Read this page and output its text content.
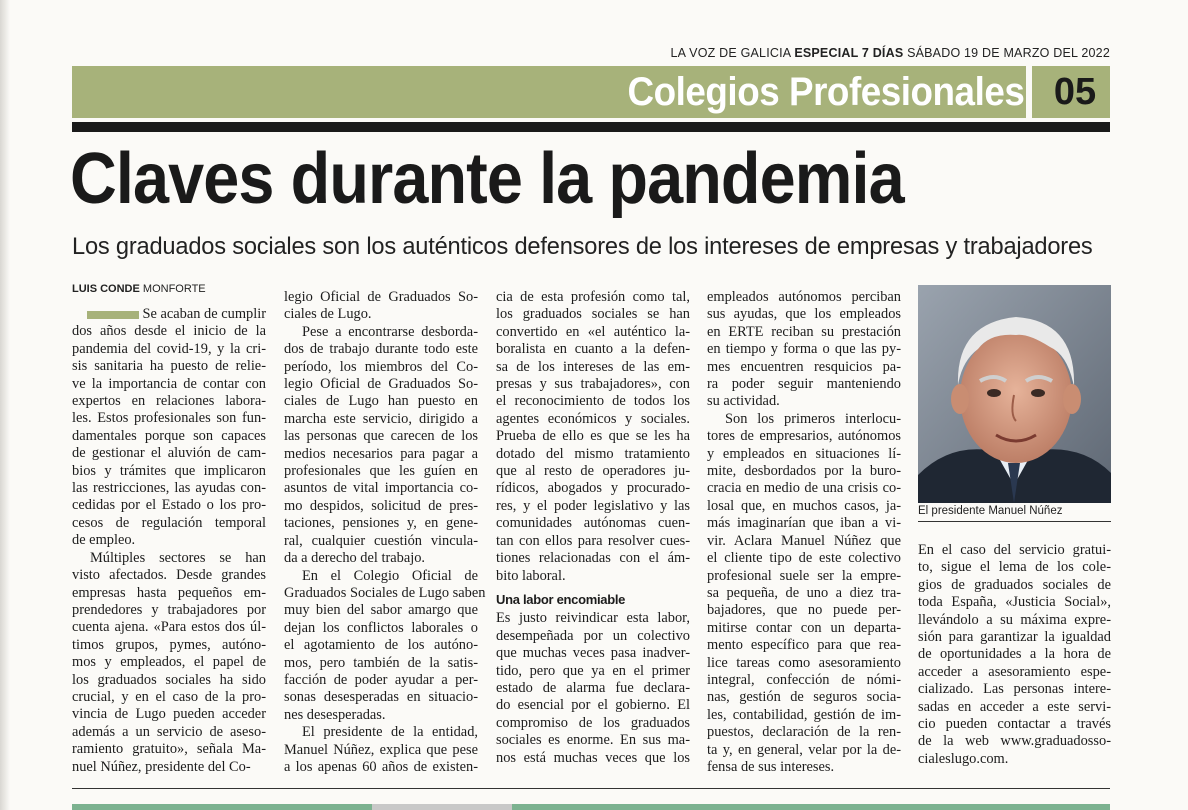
LA VOZ DE GALICIA ESPECIAL 7 DÍAS SÁBADO 19 DE MARZO DEL 2022
Colegios Profesionales 05
Claves durante la pandemia
Los graduados sociales son los auténticos defensores de los intereses de empresas y trabajadores
LUIS CONDE MONFORTE
Se acaban de cumplir
dos años desde el inicio de la
pandemia del covid-19, y la cri-
sis sanitaria ha puesto de relie-
ve la importancia de contar con
expertos en relaciones labora-
les. Estos profesionales son fun-
damentales porque son capaces
de gestionar el aluvión de cam-
bios y trámites que implicaron
las restricciones, las ayudas con-
cedidas por el Estado o los pro-
cesos de regulación temporal
de empleo.
Múltiples sectores se han
visto afectados. Desde grandes
empresas hasta pequeños em-
prendedores y trabajadores por
cuenta ajena. «Para estos dos úl-
timos grupos, pymes, autóno-
mos y empleados, el papel de
los graduados sociales ha sido
crucial, y en el caso de la pro-
vincia de Lugo pueden acceder
además a un servicio de aseso-
ramiento gratuito», señala Ma-
nuel Núñez, presidente del Co-
legio Oficial de Graduados So-
ciales de Lugo.
Pese a encontrarse desborda-
dos de trabajo durante todo este
período, los miembros del Co-
legio Oficial de Graduados So-
ciales de Lugo han puesto en
marcha este servicio, dirigido a
las personas que carecen de los
medios necesarios para pagar a
profesionales que les guíen en
asuntos de vital importancia co-
mo despidos, solicitud de pres-
taciones, pensiones y, en gene-
ral, cualquier cuestión vincula-
da a derecho del trabajo.
En el Colegio Oficial de
Graduados Sociales de Lugo saben
muy bien del sabor amargo que
dejan los conflictos laborales o
el agotamiento de los autóno-
mos, pero también de la satis-
facción de poder ayudar a per-
sonas desesperadas en situacio-
nes desesperadas.
El presidente de la entidad,
Manuel Núñez, explica que pese
a los apenas 60 años de existen-
cia de esta profesión como tal,
los graduados sociales se han
convertido en «el auténtico la-
boralista en cuanto a la defen-
sa de los intereses de las em-
presas y sus trabajadores», con
el reconocimiento de todos los
agentes económicos y sociales.
Prueba de ello es que se les ha
dotado del mismo tratamiento
que al resto de operadores ju-
rídicos, abogados y procurado-
res, y el poder legislativo y las
comunidades autónomas cuen-
tan con ellos para resolver cues-
tiones relacionadas con el ám-
bito laboral.
Una labor encomiable
Es justo reivindicar esta labor,
desempeñada por un colectivo
que muchas veces pasa inadver-
tido, pero que ya en el primer
estado de alarma fue declara-
do esencial por el gobierno. El
compromiso de los graduados
sociales es enorme. En sus ma-
nos está muchas veces que los
empleados autónomos perciban
sus ayudas, que los empleados
en ERTE reciban su prestación
en tiempo y forma o que las py-
mes encuentren resquicios pa-
ra poder seguir manteniendo
su actividad.
Son los primeros interlocu-
tores de empresarios, autónomos
y empleados en situaciones lí-
mite, desbordados por la buro-
cracia en medio de una crisis co-
losal que, en muchos casos, ja-
más imaginarían que iban a vi-
vir. Aclara Manuel Núñez que
el cliente tipo de este colectivo
profesional suele ser la empre-
sa pequeña, de uno a diez tra-
bajadores, que no puede per-
mitirse contar con un departa-
mento específico para que rea-
lice tareas como asesoramiento
integral, confección de nómi-
nas, gestión de seguros socia-
les, contabilidad, gestión de im-
puestos, declaración de la ren-
ta y, en general, velar por la de-
fensa de sus intereses.
En el caso del servicio gratui-
to, sigue el lema de los cole-
gios de graduados sociales de
toda España, «Justicia Social»,
llevándolo a su máxima expre-
sión para garantizar la igualdad
de oportunidades a la hora de
acceder a asesoramiento espe-
cializado. Las personas intere-
sadas en acceder a este servi-
cio pueden contactar a través
de la web www.graduadosso-
cialeslugo.com.
El presidente Manuel Núñez
